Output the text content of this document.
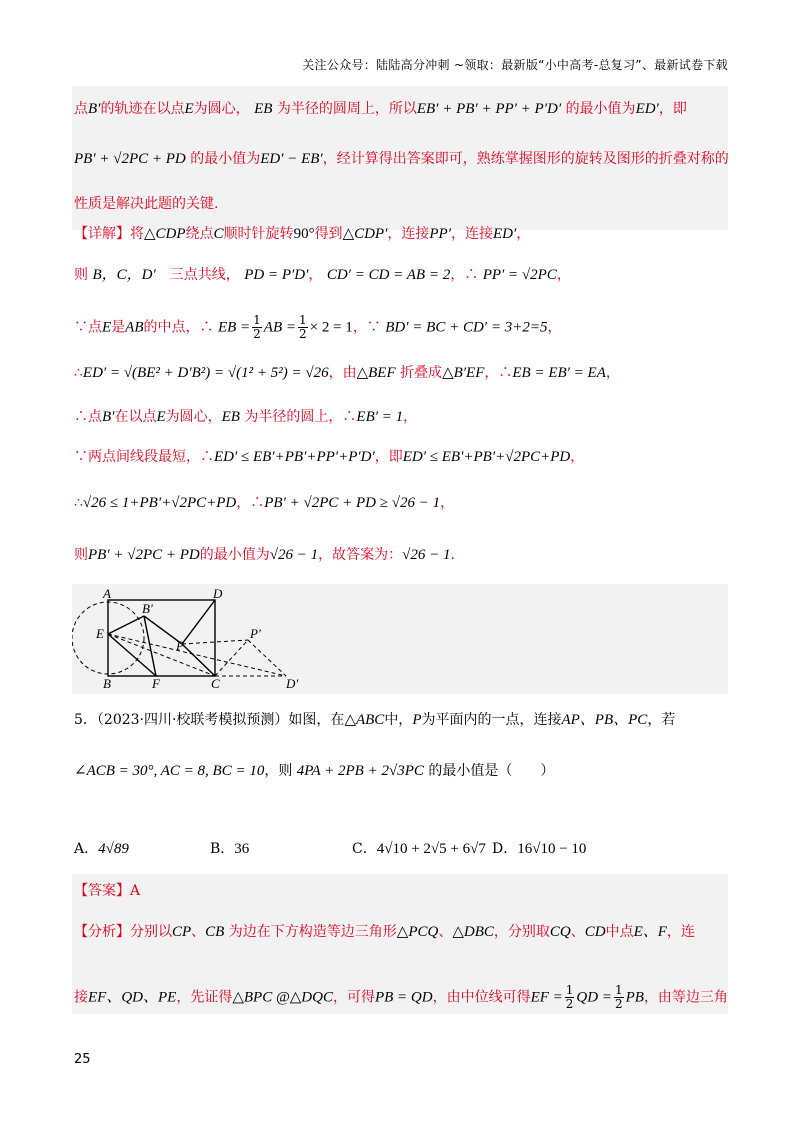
关注公众号：陆陆高分冲刺 ~领取：最新版“小中高考-总复习”、最新试卷下载
点B′的轨迹在以点E为圆心， EB 为半径的圆周上，所以EB′ + PB′ + PP′ + P′D′ 的最小值为ED′，即
PB′ + √2PC + PD 的最小值为ED′ − EB′，经计算得出答案即可，熟练掌握图形的旋转及图形的折叠对称的
性质是解决此题的关键.
【详解】将△CDP绕点C顺时针旋转90°得到△CDP′，连接PP′，连接ED′，
则 B，C，D′　 三点共线， PD = P′D′， CD′ = CD = AB = 2，∴ PP′ = √2PC，
∵点E是AB的中点，∴ EB = $\frac{1}{2}$ AB = $\frac{1}{2} \times 2 = 1$，∵ BD′ = BC + CD′ = 3+2=5，
∴ED′ = √(BE² + D′B²) = √(1² + 5²) = √26，由△BEF 折叠成△B′EF，∴EB = EB′ = EA，
∴点B′在以点E为圆心，EB 为半径的圆上，∴EB′ = 1，
∵两点间线段最短，∴ED′ ≤ EB′+PB′+PP′+P′D′，即ED′ ≤ EB′+PB′+√2PC+PD，
∴√26 ≤ 1+PB′+√2PC+PD，∴PB′ + √2PC + PD ≥ √26 − 1，
则PB′ + √2PC + PD的最小值为√26 − 1，故答案为：√26 − 1.
A	D
B′
E
P
P′
B	F	C	D′
5．（2023·四川·校联考模拟预测）如图，在△ABC中，P为平面内的一点，连接AP、PB、PC，若
∠ACB = 30°, AC = 8, BC = 10，则 4PA + 2PB + 2√3PC 的最小值是（　　）
A．4√89	B．36	C．4√10 + 2√5 + 6√7 D．16√10 − 10
【答案】A
【分析】分别以CP、CB 为边在下方构造等边三角形△PCQ、△DBC，分别取CQ、CD中点E、F，连
接EF、QD、PE，先证得△BPC @△DQC，可得PB = QD，由中位线可得EF = $\frac{1}{2}$ QD = $\frac{1}{2}$ PB，由等边三角
25
